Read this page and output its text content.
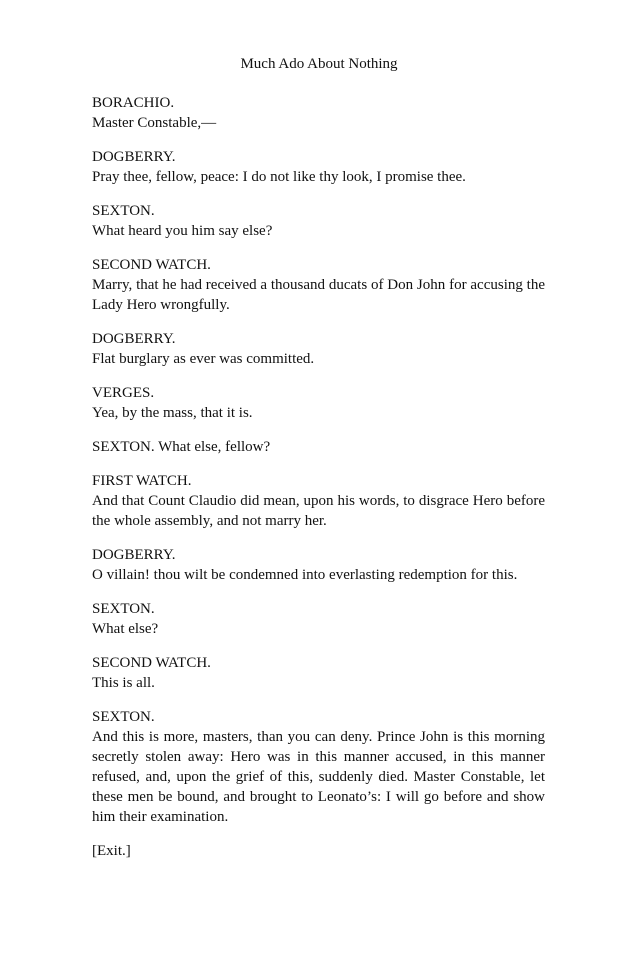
Much Ado About Nothing
BORACHIO.
Master Constable,—
DOGBERRY.
Pray thee, fellow, peace: I do not like thy look, I promise thee.
SEXTON.
What heard you him say else?
SECOND WATCH.
Marry, that he had received a thousand ducats of Don John for accusing the Lady Hero wrongfully.
DOGBERRY.
Flat burglary as ever was committed.
VERGES.
Yea, by the mass, that it is.
SEXTON. What else, fellow?
FIRST WATCH.
And that Count Claudio did mean, upon his words, to disgrace Hero before the whole assembly, and not marry her.
DOGBERRY.
O villain! thou wilt be condemned into everlasting redemption for this.
SEXTON.
What else?
SECOND WATCH.
This is all.
SEXTON.
And this is more, masters, than you can deny. Prince John is this morning secretly stolen away: Hero was in this manner accused, in this manner refused, and, upon the grief of this, suddenly died. Master Constable, let these men be bound, and brought to Leonato’s: I will go before and show him their examination.
[Exit.]
